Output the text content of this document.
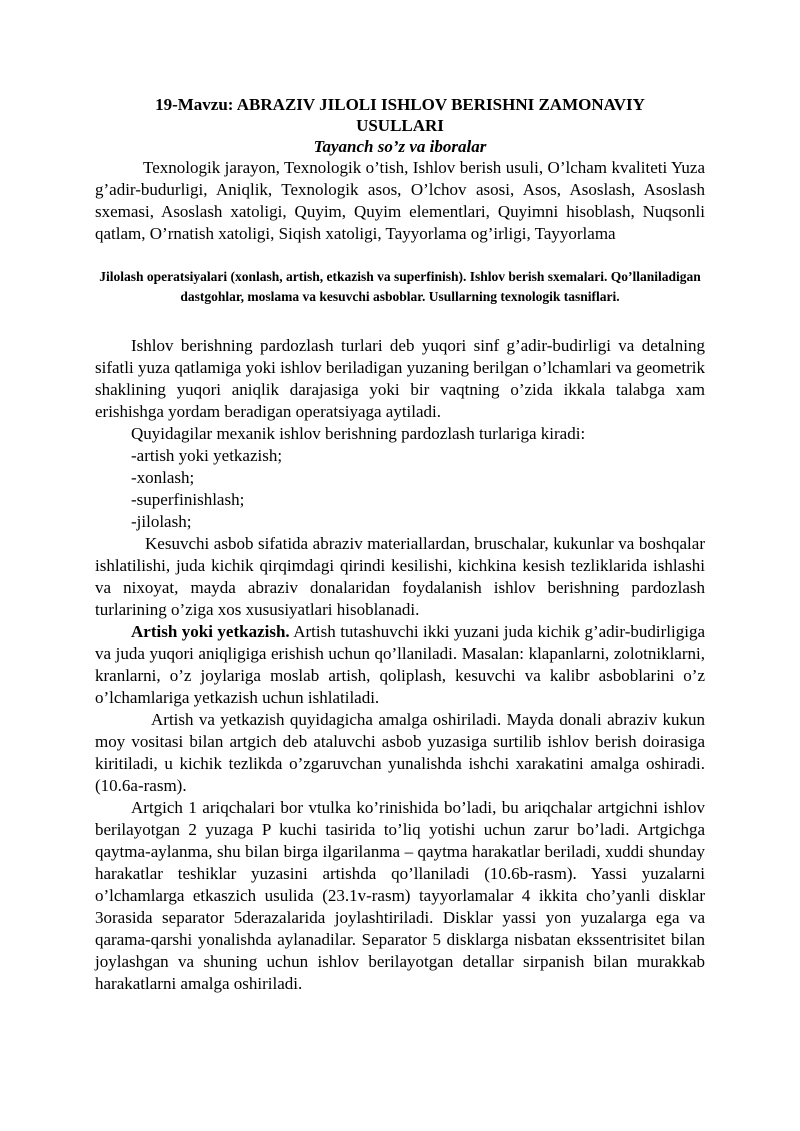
19-Mavzu: ABRAZIV JILOLI ISHLOV BERISHNI ZAMONAVIY

USULLARI

Tayanch so’z va iboralar

Texnologik jarayon, Texnologik o’tish, Ishlov berish usuli, O’lcham kvaliteti Yuza g’adir-budurligi, Aniqlik, Texnologik asos, O’lchov asosi, Asos, Asoslash, Asoslash sxemasi, Asoslash xatoligi, Quyim, Quyim elementlari, Quyimni hisoblash, Nuqsonli qatlam, O’rnatish xatoligi, Siqish xatoligi, Tayyorlama og’irligi, Tayyorlama

Jilolash operatsiyalari (xonlash, artish, etkazish va superfinish). Ishlov berish sxemalari. Qo’llaniladigan dastgohlar, moslama va kesuvchi asboblar. Usullarning texnologik tasniflari.

Ishlov berishning pardozlash turlari deb yuqori sinf g’adir-budirligi va detalning sifatli yuza qatlamiga yoki ishlov beriladigan yuzaning berilgan o’lchamlari va geometrik shaklining yuqori aniqlik darajasiga yoki bir vaqtning o’zida ikkala talabga xam erishishga yordam beradigan operatsiyaga aytiladi.

Quyidagilar mexanik ishlov berishning pardozlash turlariga kiradi:

-artish yoki yetkazish;

-xonlash;

-superfinishlash;

-jilolash;

Kesuvchi asbob sifatida abraziv materiallardan, bruschalar, kukunlar va boshqalar ishlatilishi, juda kichik qirqimdagi qirindi kesilishi, kichkina kesish tezliklarida ishlashi va nixoyat, mayda abraziv donalaridan foydalanish ishlov berishning pardozlash turlarining o’ziga xos xususiyatlari hisoblanadi.

Artish yoki yetkazish. Artish tutashuvchi ikki yuzani juda kichik g’adir-budirligiga va juda yuqori aniqligiga erishish uchun qo’llaniladi. Masalan: klapanlarni, zolotniklarni, kranlarni, o’z joylariga moslab artish, qoliplash, kesuvchi va kalibr asboblarini o’z o’lchamlariga yetkazish uchun ishlatiladi.

Artish va yetkazish quyidagicha amalga oshiriladi. Mayda donali abraziv kukun moy vositasi bilan artgich deb ataluvchi asbob yuzasiga surtilib ishlov berish doirasiga kiritiladi, u kichik tezlikda o’zgaruvchan yunalishda ishchi xarakatini amalga oshiradi. (10.6a-rasm).

Artgich 1 ariqchalari bor vtulka ko’rinishida bo’ladi, bu ariqchalar artgichni ishlov berilayotgan 2 yuzaga P kuchi tasirida to’liq yotishi uchun zarur bo’ladi. Artgichga qaytma-aylanma, shu bilan birga ilgarilanma – qaytma harakatlar beriladi, xuddi shunday harakatlar teshiklar yuzasini artishda qo’llaniladi (10.6b-rasm). Yassi yuzalarni o’lchamlarga etkaszich usulida (23.1v-rasm) tayyorlamalar 4 ikkita cho’yanli disklar 3orasida separator 5derazalarida joylashtiriladi. Disklar yassi yon yuzalarga ega va qarama-qarshi yonalishda aylanadilar. Separator 5 disklarga nisbatan ekssentrisitet bilan joylashgan va shuning uchun ishlov berilayotgan detallar sirpanish bilan murakkab harakatlarni amalga oshiriladi.
